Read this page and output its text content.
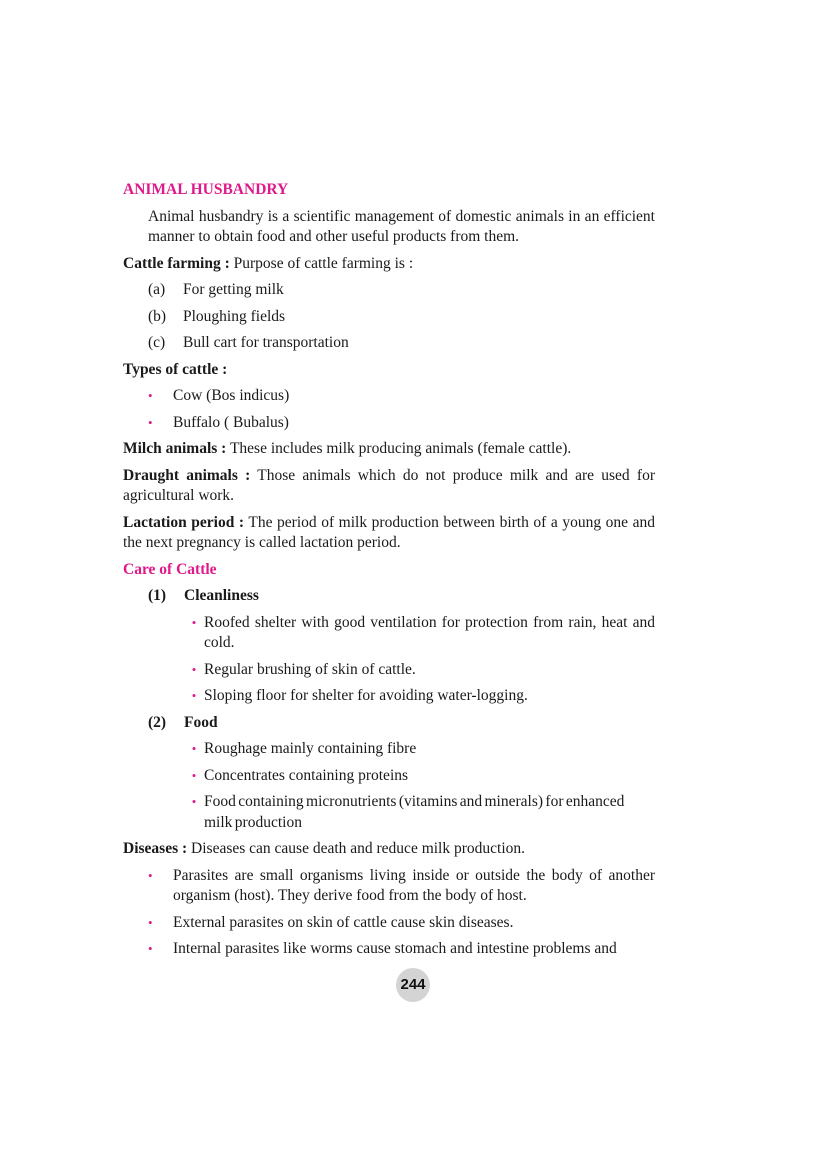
ANIMAL HUSBANDRY

Animal husbandry is a scientific management of domestic animals in an efficient manner to obtain food and other useful products from them.

Cattle farming : Purpose of cattle farming is :

(a)	For getting milk
(b)	Ploughing fields
(c)	Bull cart for transportation

Types of cattle :

•	Cow (Bos indicus)
•	Buffalo ( Bubalus)

Milch animals : These includes milk producing animals (female cattle).

Draught animals : Those animals which do not produce milk and are used for agricultural work.

Lactation period : The period of milk production between birth of a young one and the next pregnancy is called lactation period.

Care of Cattle
(1)	Cleanliness
• Roofed shelter with good ventilation for protection from rain, heat and cold.
• Regular brushing of skin of cattle.
• Sloping floor for shelter for avoiding water-logging.
(2)	Food
• Roughage mainly containing fibre
• Concentrates containing proteins
• Food containing micronutrients (vitamins and minerals) for enhanced milk production

Diseases : Diseases can cause death and reduce milk production.

•	Parasites are small organisms living inside or outside the body of another organism (host). They derive food from the body of host.
•	External parasites on skin of cattle cause skin diseases.
•	Internal parasites like worms cause stomach and intestine problems and
244
